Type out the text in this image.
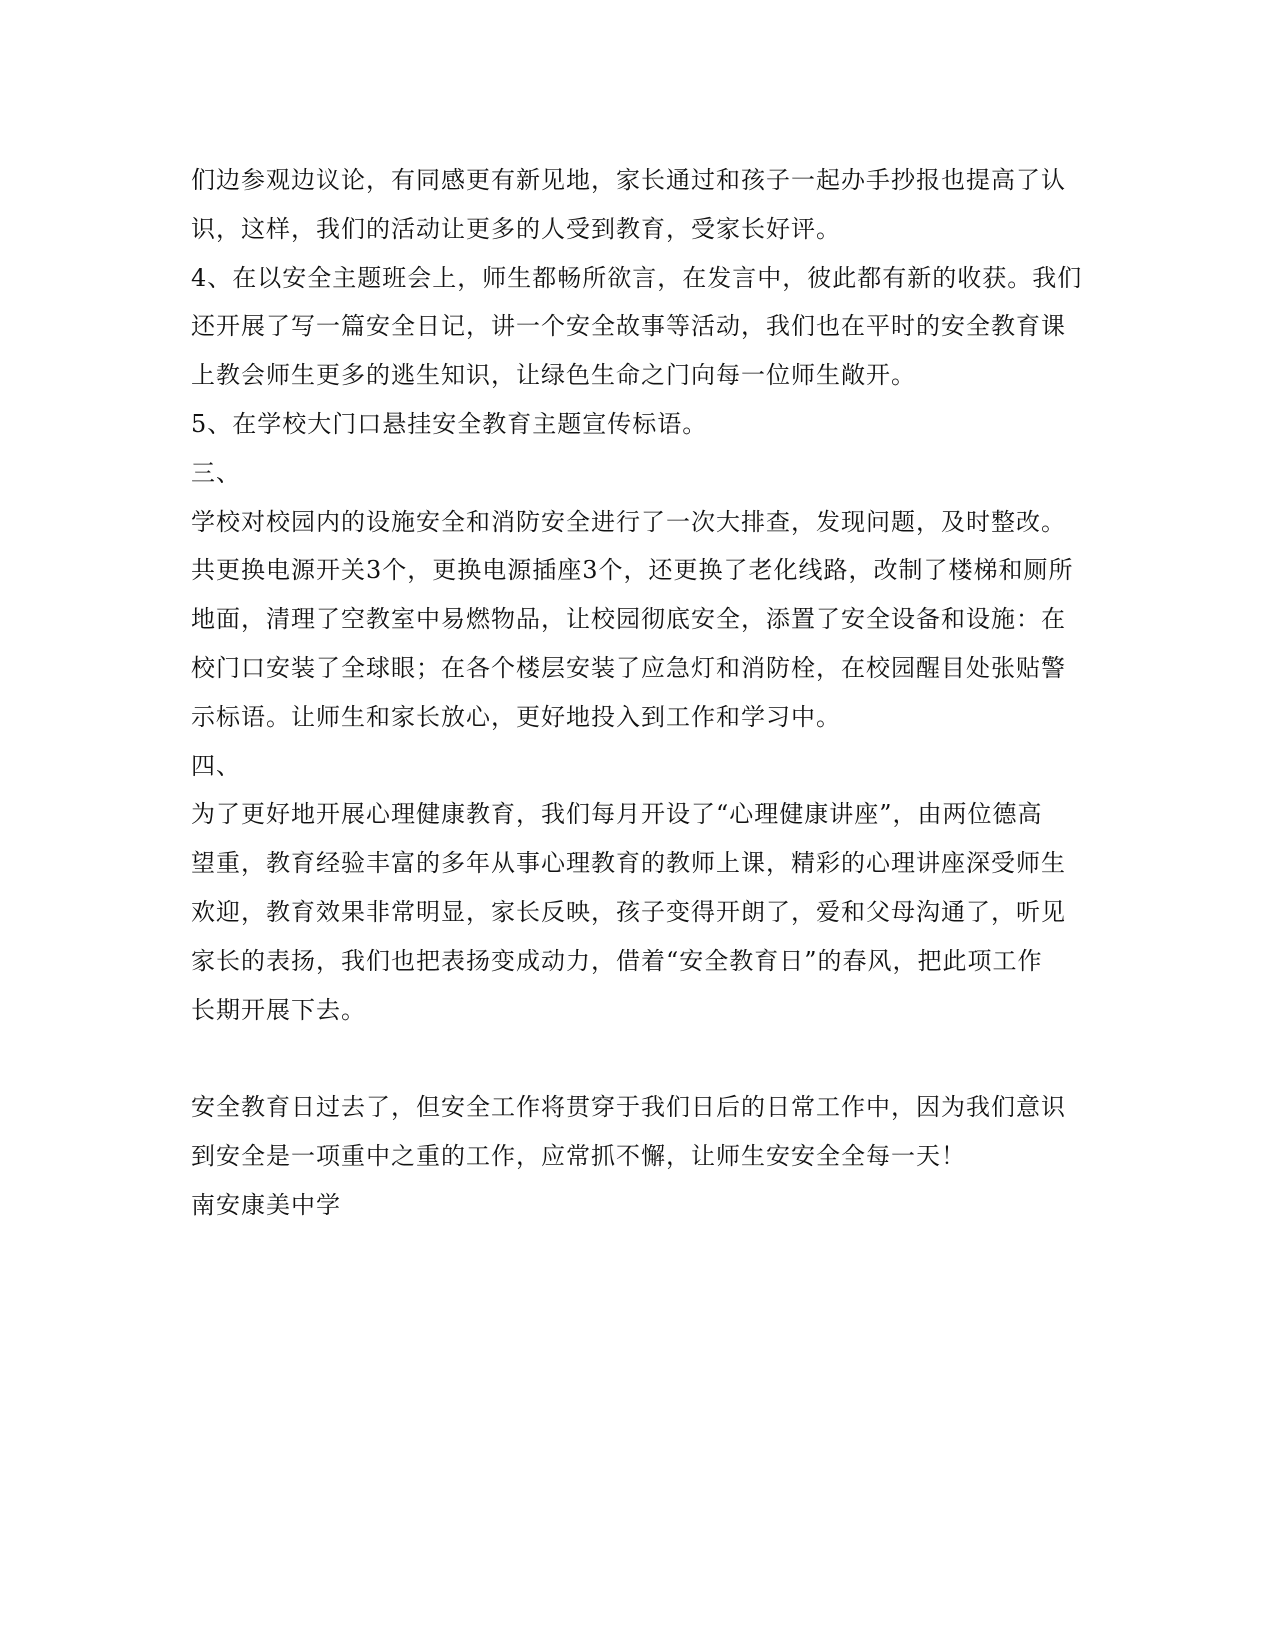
们边参观边议论，有同感更有新见地，家长通过和孩子一起办手抄报也提高了认
识，这样，我们的活动让更多的人受到教育，受家长好评。
4、在以安全主题班会上，师生都畅所欲言，在发言中，彼此都有新的收获。我们
还开展了写一篇安全日记，讲一个安全故事等活动，我们也在平时的安全教育课
上教会师生更多的逃生知识，让绿色生命之门向每一位师生敞开。
5、在学校大门口悬挂安全教育主题宣传标语。
三、
学校对校园内的设施安全和消防安全进行了一次大排查，发现问题，及时整改。
共更换电源开关3个，更换电源插座3个，还更换了老化线路，改制了楼梯和厕所
地面，清理了空教室中易燃物品，让校园彻底安全，添置了安全设备和设施：在
校门口安装了全球眼；在各个楼层安装了应急灯和消防栓，在校园醒目处张贴警
示标语。让师生和家长放心，更好地投入到工作和学习中。
四、
为了更好地开展心理健康教育，我们每月开设了“心理健康讲座”，由两位德高
望重，教育经验丰富的多年从事心理教育的教师上课，精彩的心理讲座深受师生
欢迎，教育效果非常明显，家长反映，孩子变得开朗了，爱和父母沟通了，听见
家长的表扬，我们也把表扬变成动力，借着“安全教育日”的春风，把此项工作
长期开展下去。
安全教育日过去了，但安全工作将贯穿于我们日后的日常工作中，因为我们意识
到安全是一项重中之重的工作，应常抓不懈，让师生安安全全每一天！
南安康美中学
